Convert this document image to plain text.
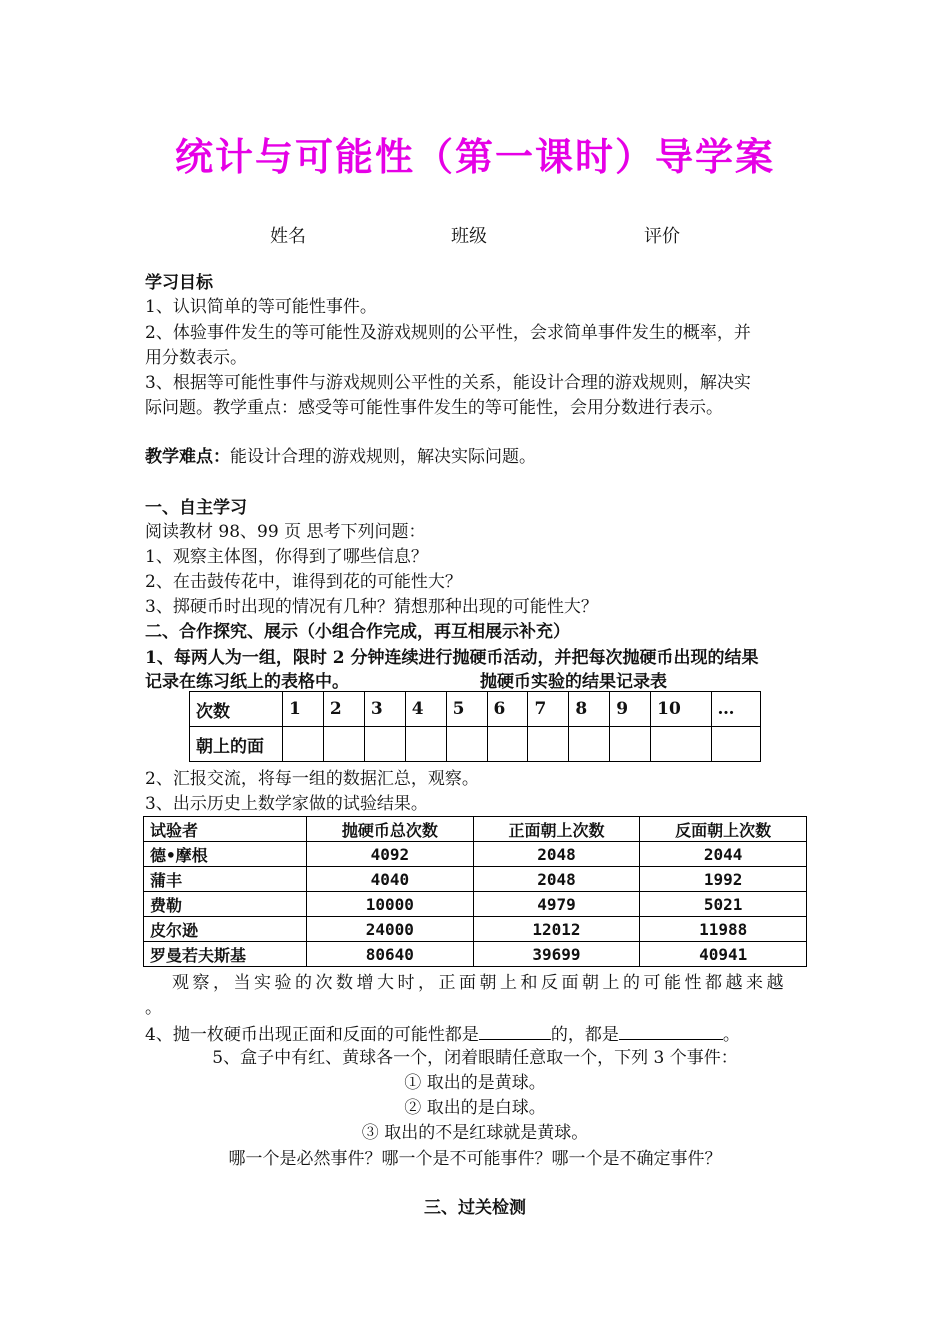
统计与可能性（第一课时）导学案
姓名	班级	评价
学习目标
1、认识简单的等可能性事件。
2、体验事件发生的等可能性及游戏规则的公平性，会求简单事件发生的概率，并
用分数表示。
3、根据等可能性事件与游戏规则公平性的关系，能设计合理的游戏规则，解决实
际问题。教学重点：感受等可能性事件发生的等可能性，会用分数进行表示。
教学难点：能设计合理的游戏规则，解决实际问题。
一、自主学习
阅读教材 98、99 页 思考下列问题：
1、观察主体图，你得到了哪些信息？
2、在击鼓传花中，谁得到花的可能性大？
3、掷硬币时出现的情况有几种？猜想那种出现的可能性大？
二、合作探究、展示（小组合作完成，再互相展示补充）
1、每两人为一组，限时 2 分钟连续进行抛硬币活动，并把每次抛硬币出现的结果
记录在练习纸上的表格中。	抛硬币实验的结果记录表
次数	1	2	3	4	5	6	7	8	9	10	…
朝上的面											
2、汇报交流，将每一组的数据汇总，观察。
3、出示历史上数学家做的试验结果。
试验者	抛硬币总次数	正面朝上次数	反面朝上次数
德•摩根	4092	2048	2044
蒲丰	4040	2048	1992
费勒	10000	4979	5021
皮尔逊	24000	12012	11988
罗曼若夫斯基	80640	39699	40941
观察，当实验的次数增大时，正面朝上和反面朝上的可能性都越来越
。
4、抛一枚硬币出现正面和反面的可能性都是	的，都是	。
5、盒子中有红、黄球各一个，闭着眼睛任意取一个，下列 3 个事件：
① 取出的是黄球。
② 取出的是白球。
③ 取出的不是红球就是黄球。
哪一个是必然事件？哪一个是不可能事件？哪一个是不确定事件？
三、过关检测
